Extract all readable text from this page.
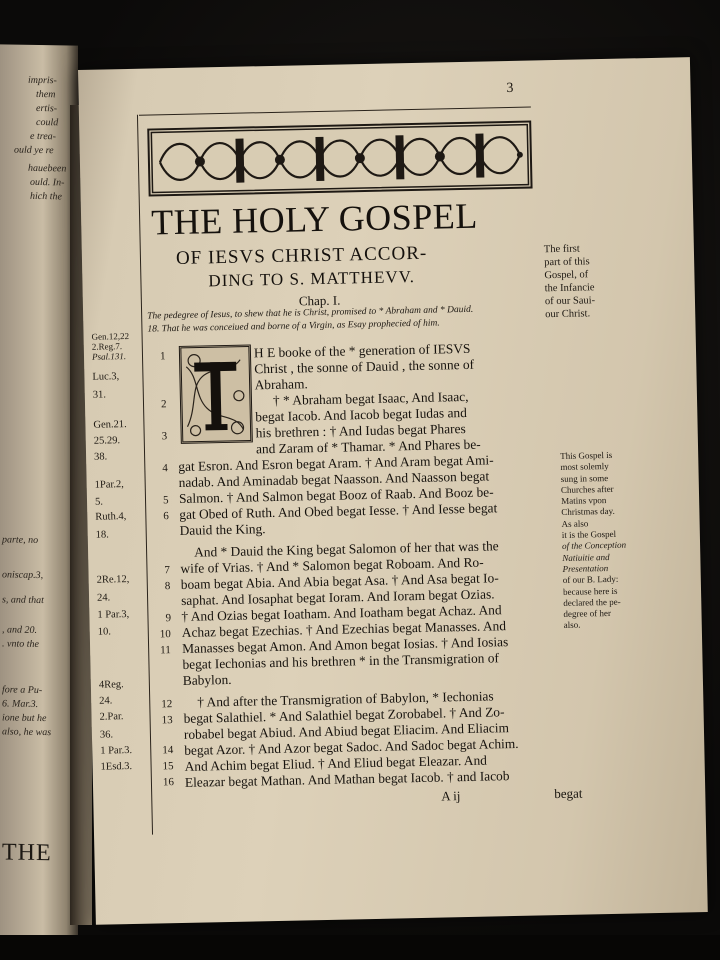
impris-
them
ertis-
could
e trea-
ould ye re
hauebeen
ould. In-
hich the
parte, no
oniscap.3,
s, and that
, and 20.
. vnto the
fore a Pu-
6. Mar.3.
ione but he
also, he was
THE
3
THE HOLY GOSPEL
OF IESVS CHRIST ACCOR-
DING TO S. MATTHEVV.
Chap. I.
The pedegree of Iesus, to shew that he is Christ, promised to * Abraham and * Dauid.
18. That he was conceiued and borne of a Virgin, as Esay prophecied of him.
The first
part of this
Gospel, of
the Infancie
of our Saui-
our Christ.
This Gospel is
most solemly
sung in some
Churches after
Matins vpon
Christmas day.
As also
it is the Gospel
of the Conception
Natiuitie and
Presentation
of our B. Lady:
because here is
declared the pe-
degree of her
also.
Gen.12,22
2.Reg.7.
Psal.131.
Luc.3,
31.
Gen.21.
25.29.
38.
1Par.2,
5.
Ruth.4,
18.
2Re.12,
24.
1 Par.3,
10.
4Reg.
24.
2.Par.
36.
1 Par.3.
1Esd.3.
1
2
3
4
5
6
7
8
9
10
11
12
13
14
15
16
H E booke of the * generation of IESVS
Christ , the sonne of Dauid , the sonne of
Abraham.
† * Abraham begat Isaac, And Isaac,
begat Iacob. And Iacob begat Iudas and
his brethren : † And Iudas begat Phares
and Zaram of * Thamar. * And Phares be-
gat Esron. And Esron begat Aram. † And Aram begat Ami-
nadab. And Aminadab begat Naasson. And Naasson begat
Salmon. † And Salmon begat Booz of Raab. And Booz be-
gat Obed of Ruth. And Obed begat Iesse. † And Iesse begat
Dauid the King.
And * Dauid the King begat Salomon of her that was the
wife of Vrias. † And * Salomon begat Roboam. And Ro-
boam begat Abia. And Abia begat Asa. † And Asa begat Io-
saphat. And Iosaphat begat Ioram. And Ioram begat Ozias.
† And Ozias begat Ioatham. And Ioatham begat Achaz. And
Achaz begat Ezechias. † And Ezechias begat Manasses. And
Manasses begat Amon. And Amon begat Iosias. † And Iosias
begat Iechonias and his brethren * in the Transmigration of
Babylon.
† And after the Transmigration of Babylon, * Iechonias
begat Salathiel. * And Salathiel begat Zorobabel. † And Zo-
robabel begat Abiud. And Abiud begat Eliacim. And Eliacim
begat Azor. † And Azor begat Sadoc. And Sadoc begat Achim.
And Achim begat Eliud. † And Eliud begat Eleazar. And
Eleazar begat Mathan. And Mathan begat Iacob. † and Iacob
A ij	begat
